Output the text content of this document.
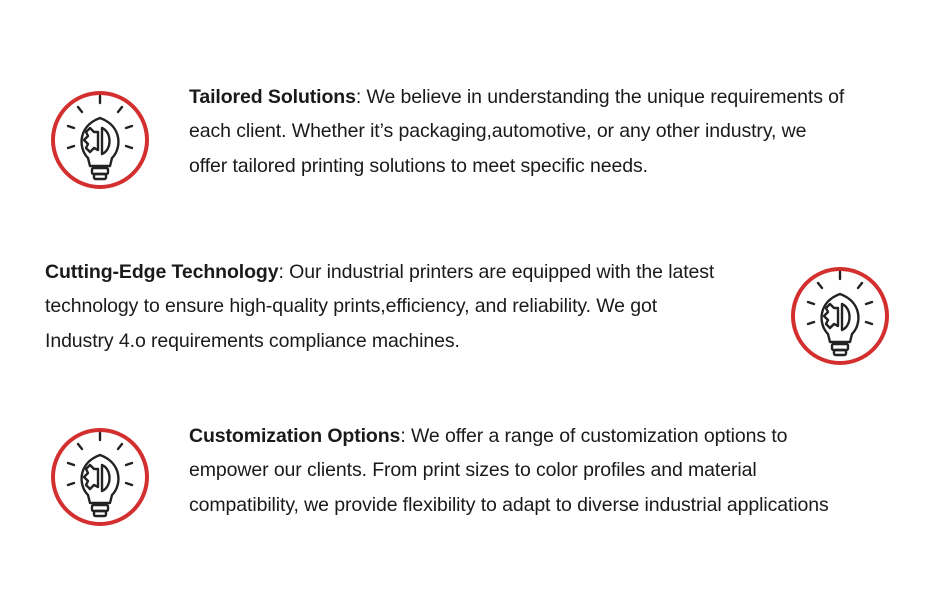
Tailored Solutions: We believe in understanding the unique requirements of
each client. Whether it’s packaging,automotive, or any other industry, we
offer tailored printing solutions to meet specific needs.
Cutting-Edge Technology: Our industrial printers are equipped with the latest
technology to ensure high-quality prints,efficiency, and reliability. We got
Industry 4.o requirements compliance machines.
Customization Options: We offer a range of customization options to
empower our clients. From print sizes to color profiles and material
compatibility, we provide flexibility to adapt to diverse industrial applications
